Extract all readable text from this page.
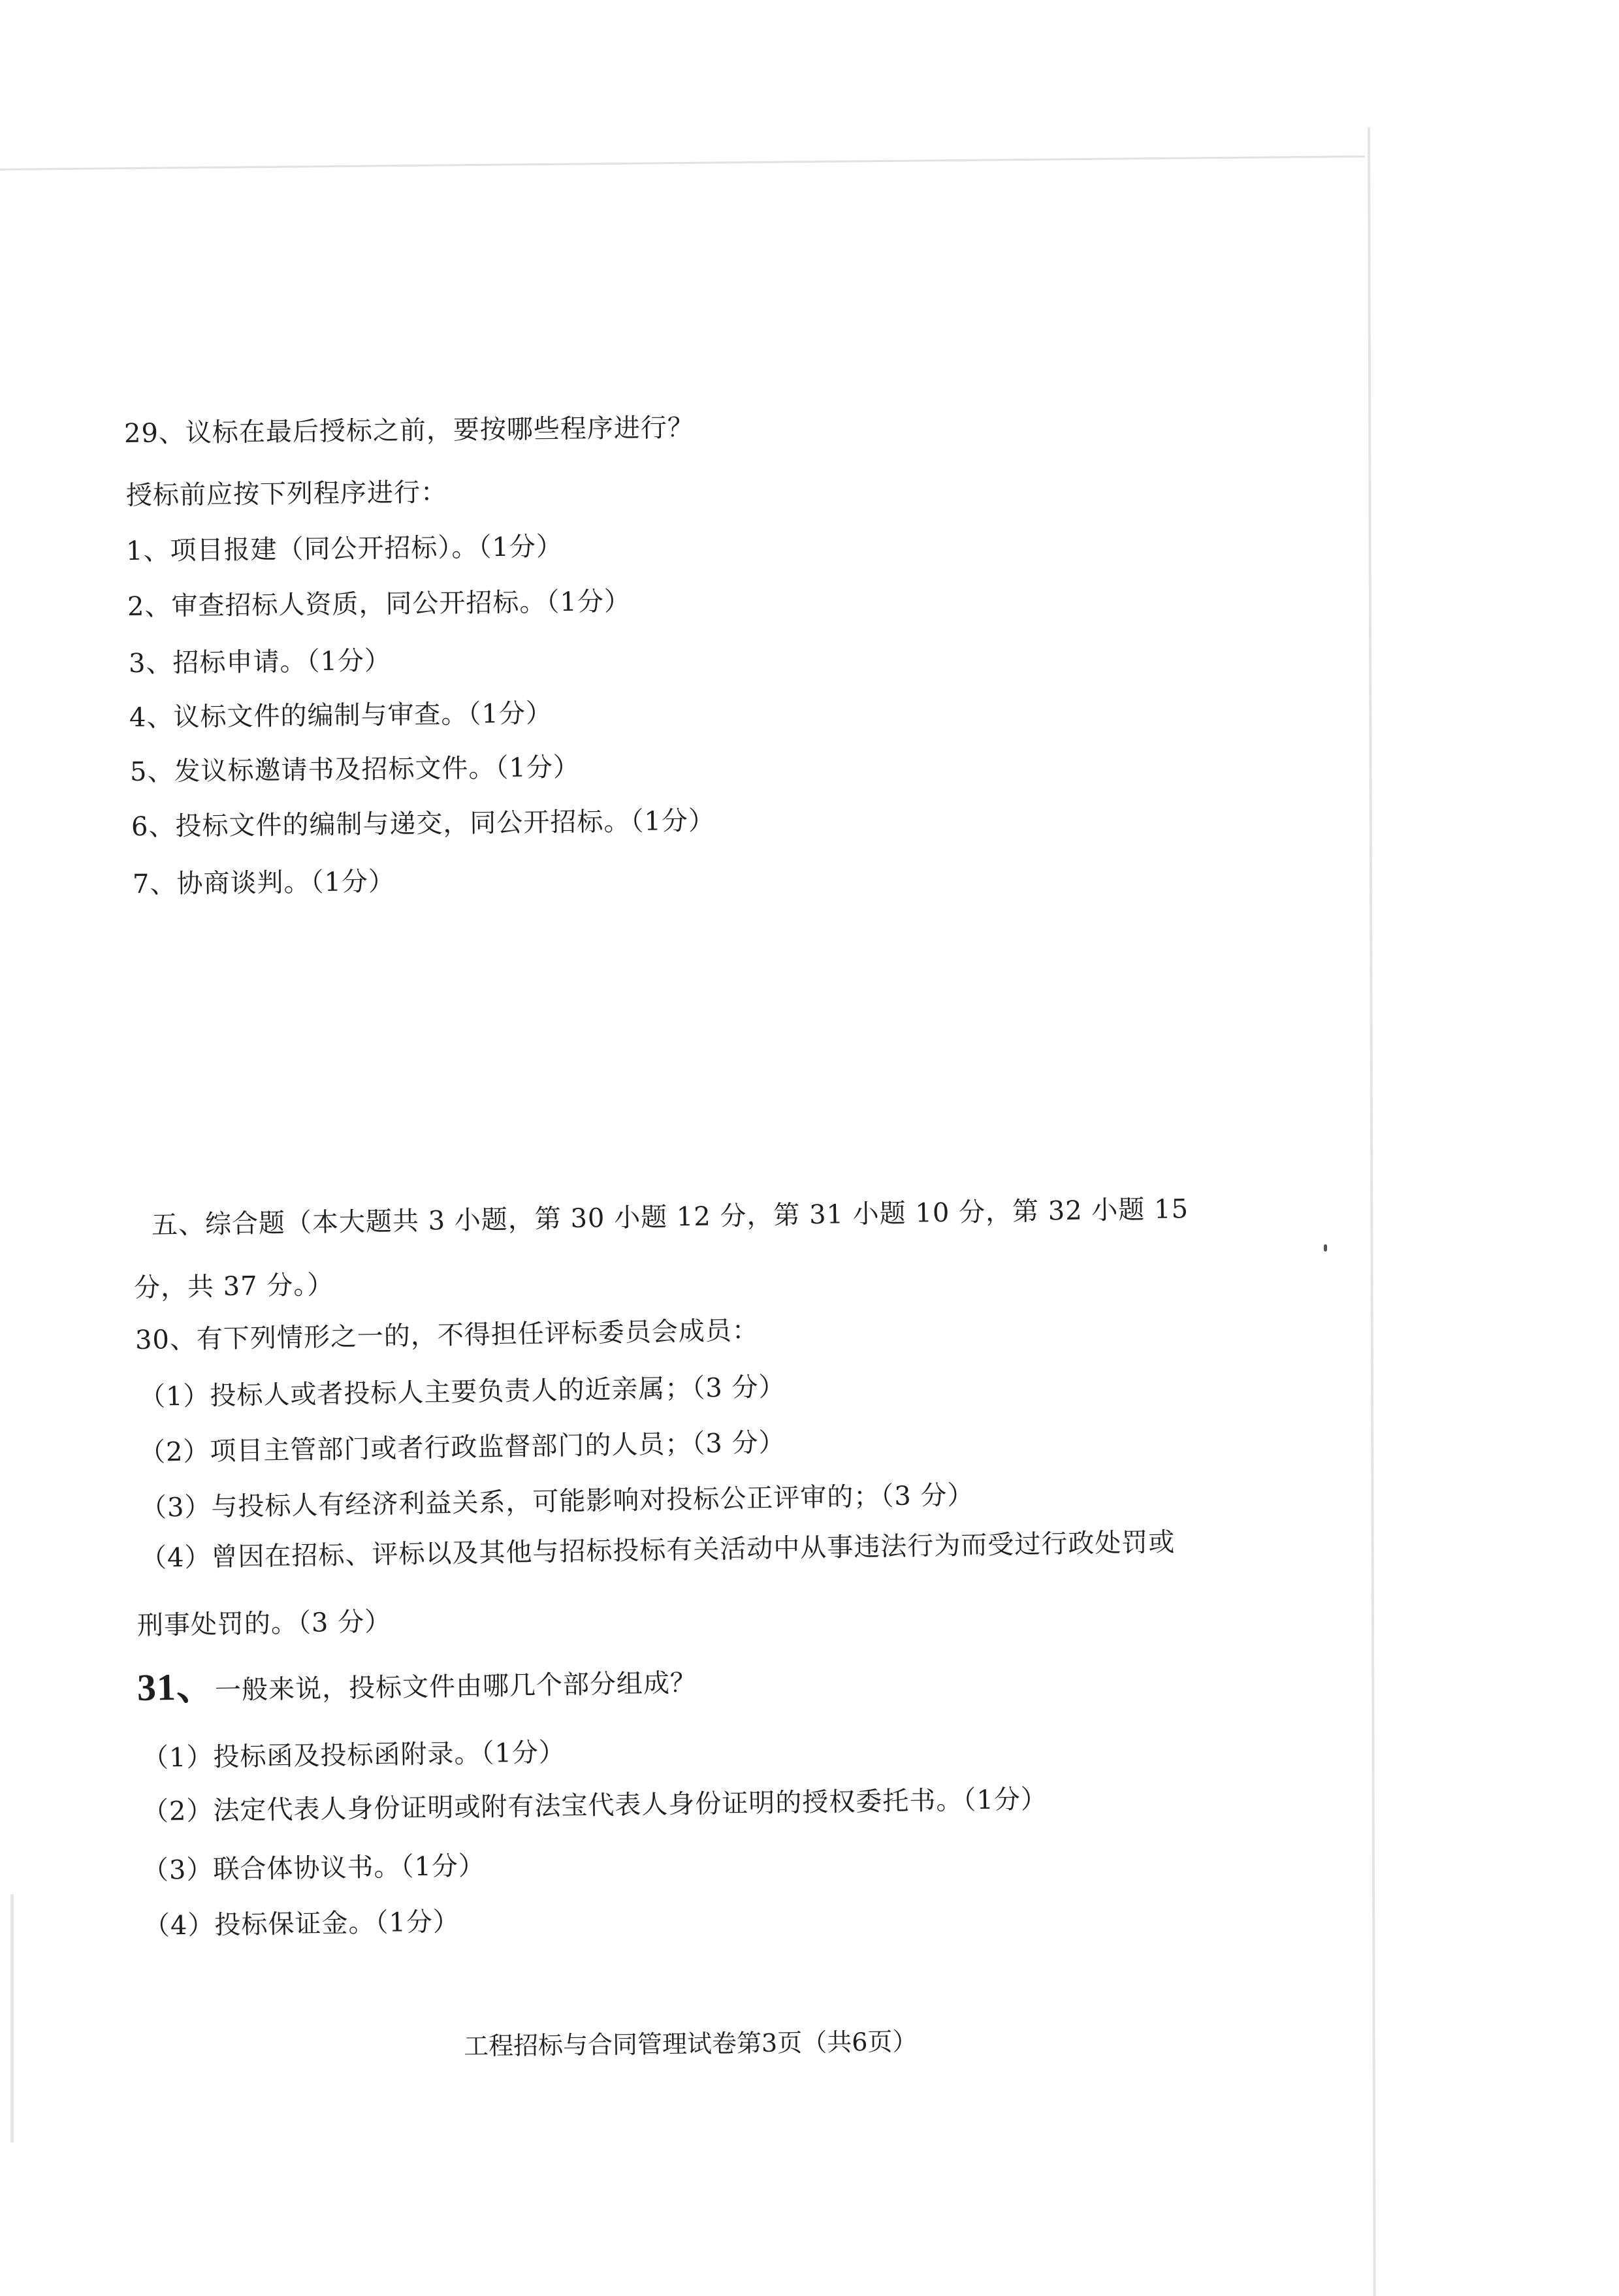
29、议标在最后授标之前，要按哪些程序进行？
授标前应按下列程序进行：
1、项目报建（同公开招标）。（1分）
2、审查招标人资质，同公开招标。（1分）
3、招标申请。（1分）
4、议标文件的编制与审查。（1分）
5、发议标邀请书及招标文件。（1分）
6、投标文件的编制与递交，同公开招标。（1分）
7、协商谈判。（1分）
五、综合题（本大题共 3 小题，第 30 小题 12 分，第 31 小题 10 分，第 32 小题 15
分，共 37 分。）
30、有下列情形之一的，不得担任评标委员会成员：
（1）投标人或者投标人主要负责人的近亲属；（3 分）
（2）项目主管部门或者行政监督部门的人员；（3 分）
（3）与投标人有经济利益关系，可能影响对投标公正评审的；（3 分）
（4）曾因在招标、评标以及其他与招标投标有关活动中从事违法行为而受过行政处罚或
刑事处罚的。（3 分）
31、一般来说，投标文件由哪几个部分组成？
（1）投标函及投标函附录。（1分）
（2）法定代表人身份证明或附有法宝代表人身份证明的授权委托书。（1分）
（3）联合体协议书。（1分）
（4）投标保证金。（1分）
工程招标与合同管理试卷第3页（共6页）
